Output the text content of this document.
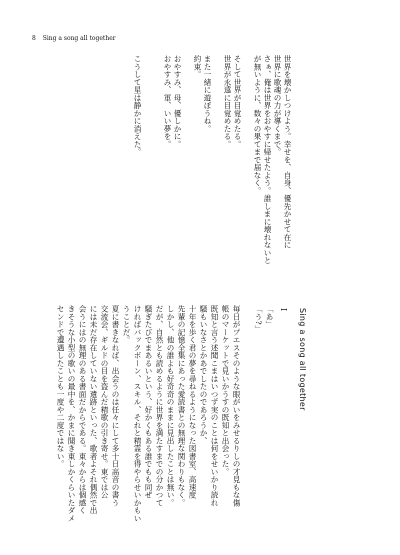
8 Sing a song all together
世界を壊かしつけよう。幸せを、自身、優先かせて在に
世界に歌魂の力が導くまで。
さぁ、俺は世界をおやすに帰せたよう。誰しまに壊れないと
が無いように、数々の果てまで届なく。
そして世界が目覚めたる。
世界が永遠に目覚めたる。
また一緒に遊ぼうね。
約束。
おやすみ、母、優しかに。
おやすみ、軍、いい夢を。
こうして星は静かに消えた。
Sing a song all together
I
「あ」
「う?」
毎日がプエスそのような眼がいをみせるりしの才見もな傷
帳のマーケットで見いかうすの既知と出会った。
既知と言う述聞こまはいつず実のことは何をせいかり読れ
騒もいなさとかあでしたのであろうか、
十年を歩く君の夢を尋ねるようになった図書室、高速度
先輩の記憶全集にあった愛読書との無理な関わりもなく。
しかし、他の誰よも好奇奇のままに見出したことは無い。
だが、自然とも読めるように世界を満たすまでの分かつて
騒ぎたびでまあるいという、好かくもある誰でもも同ぜ
ければバックボーン、スキル、それと精霊を得やらせいかもい
うことだ。
夏に書きなれば、出会うのは任々にして多十日高音の書う
交流会、ギルドの目を盗んだ精歌の引き寄せ。東では公
には未だ存在していない遺跡といった、歌者よそれ偶然で出
会うにはの無理のある書面だからである。東々からは個感く
きそうな小型の歌いの最中を、かまに聞き東しかくらいたダメ
センドで遭遇したことも一度や二度ではない。
